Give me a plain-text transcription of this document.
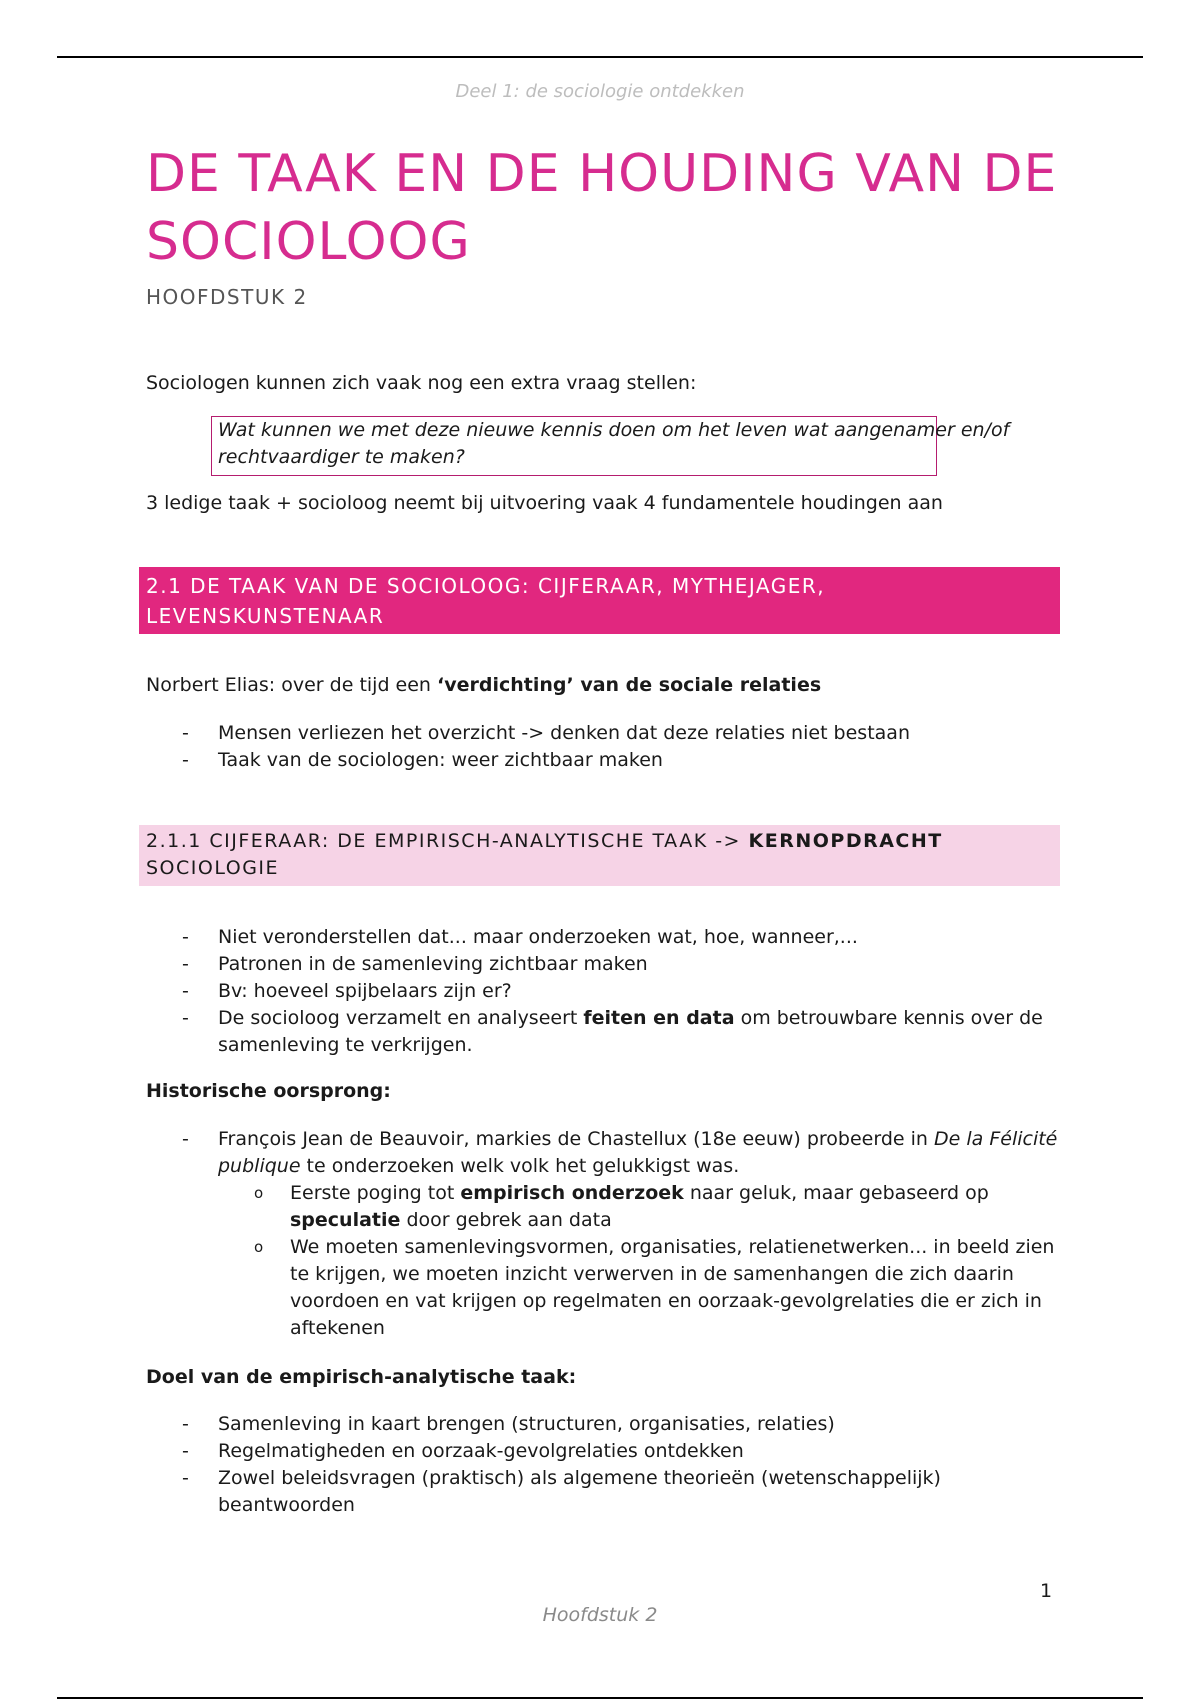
Deel 1: de sociologie ontdekken
DE TAAK EN DE HOUDING VAN DE SOCIOLOOG
HOOFDSTUK 2

Sociologen kunnen zich vaak nog een extra vraag stellen:

Wat kunnen we met deze nieuwe kennis doen om het leven wat aangenamer en/of rechtvaardiger te maken?

3 ledige taak + socioloog neemt bij uitvoering vaak 4 fundamentele houdingen aan

2.1 DE TAAK VAN DE SOCIOLOOG: CIJFERAAR, MYTHEJAGER, LEVENSKUNSTENAAR

Norbert Elias: over de tijd een ‘verdichting’ van de sociale relaties

- Mensen verliezen het overzicht -> denken dat deze relaties niet bestaan
- Taak van de sociologen: weer zichtbaar maken
2.1.1 CIJFERAAR: DE EMPIRISCH-ANALYTISCHE TAAK -> KERNOPDRACHT SOCIOLOGIE
- Niet veronderstellen dat... maar onderzoeken wat, hoe, wanneer,...
- Patronen in de samenleving zichtbaar maken
- Bv: hoeveel spijbelaars zijn er?
- De socioloog verzamelt en analyseert feiten en data om betrouwbare kennis over de samenleving te verkrijgen.

Historische oorsprong:

- François Jean de Beauvoir, markies de Chastellux (18e eeuw) probeerde in De la Félicité publique te onderzoeken welk volk het gelukkigst was.
o Eerste poging tot empirisch onderzoek naar geluk, maar gebaseerd op speculatie door gebrek aan data
o We moeten samenlevingsvormen, organisaties, relatienetwerken... in beeld zien te krijgen, we moeten inzicht verwerven in de samenhangen die zich daarin voordoen en vat krijgen op regelmaten en oorzaak-gevolgrelaties die er zich in aftekenen

Doel van de empirisch-analytische taak:

- Samenleving in kaart brengen (structuren, organisaties, relaties)
- Regelmatigheden en oorzaak-gevolgrelaties ontdekken
- Zowel beleidsvragen (praktisch) als algemene theorieën (wetenschappelijk) beantwoorden
1
Hoofdstuk 2
